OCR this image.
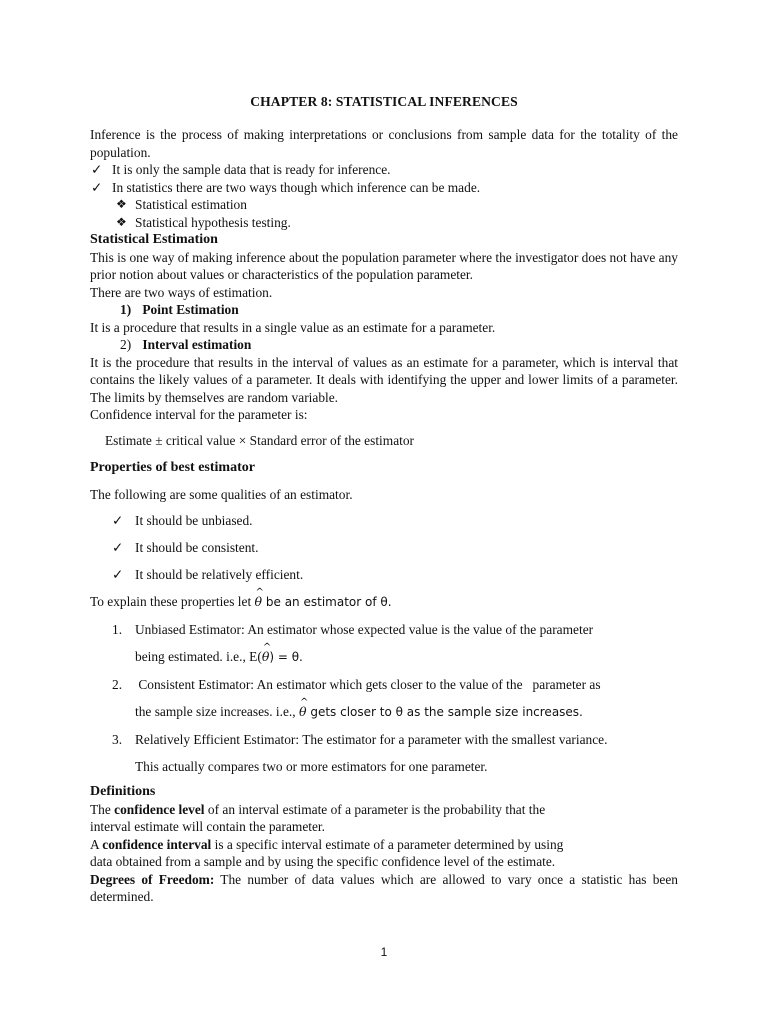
CHAPTER 8: STATISTICAL INFERENCES

Inference is the process of making interpretations or conclusions from sample data for the totality of the population.

✓ It is only the sample data that is ready for inference.
✓ In statistics there are two ways though which inference can be made.
❖ Statistical estimation
❖ Statistical hypothesis testing.

Statistical Estimation

This is one way of making inference about the population parameter where the investigator does not have any prior notion about values or characteristics of the population parameter.

There are two ways of estimation.

1) Point Estimation

It is a procedure that results in a single value as an estimate for a parameter.

2) Interval estimation

It is the procedure that results in the interval of values as an estimate for a parameter, which is interval that contains the likely values of a parameter. It deals with identifying the upper and lower limits of a parameter. The limits by themselves are random variable.

Confidence interval for the parameter is:

Estimate ± critical value × Standard error of the estimator

Properties of best estimator

The following are some qualities of an estimator.

✓ It should be unbiased.
✓ It should be consistent.
✓ It should be relatively efficient.

To explain these properties let ^ θ be an estimator of θ.

1. Unbiased Estimator: An estimator whose expected value is the value of the parameter
being estimated. i.e., E(^ θ) = θ.
2. Consistent Estimator: An estimator which gets closer to the value of the   parameter as
the sample size increases. i.e., ^ θ gets closer to θ as the sample size increases.
3. Relatively Efficient Estimator: The estimator for a parameter with the smallest variance.
This actually compares two or more estimators for one parameter.

Definitions

The confidence level of an interval estimate of a parameter is the probability that the
interval estimate will contain the parameter.

A confidence interval is a specific interval estimate of a parameter determined by using
data obtained from a sample and by using the specific confidence level of the estimate.

Degrees of Freedom: The number of data values which are allowed to vary once a statistic has been determined.

1
